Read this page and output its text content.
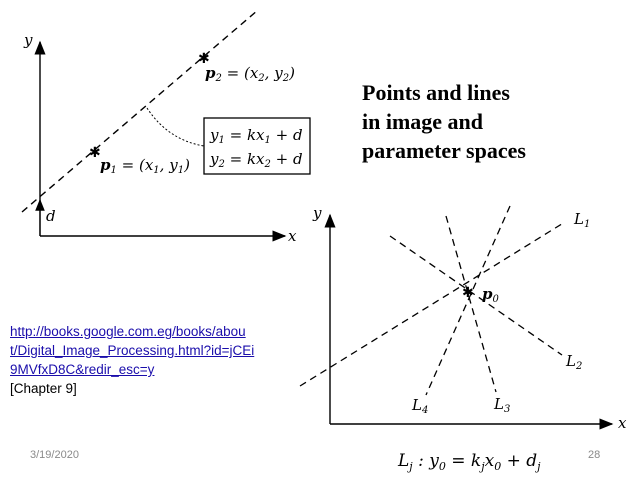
y
x
d
✱
✱
$p_1 = (x_1$, $y_1$)
$p_2 = (x_2$, $y_2$)
$y_1 = kx_1 + d$
$y_2 = kx_2 + d$
y
x
✱ $p_0$
$L_1$
$L_2$
$L_3$
$L_4$
$L_j$ : $y_0 = k_jx_0 + d_j$
Points and lines
in image and
parameter spaces
http://books.google.com.eg/books/abou
t/Digital_Image_Processing.html?id=jCEi
9MVfxD8C&redir_esc=y
[Chapter 9]
3/19/2020	28
